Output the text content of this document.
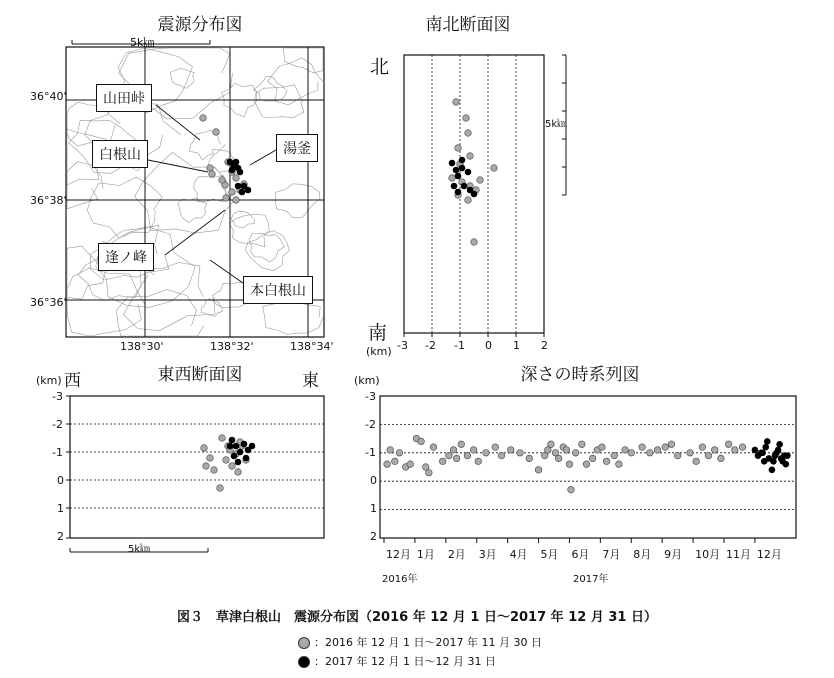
震源分布図	南北断面図
東西断面図	深さの時系列図
5k㎞
36°40'
36°38'
36°36'
138°30'	138°32'	138°34'
山田峠
白根山	湯釜
逢ノ峰
本白根山
北
南
(km)
5k㎞
-3 -2 -1 0 1 2
(km) 西	東
5k㎞
-3
-2
-1
0
1
2
(km)
-3
-2
-1
0
1
2
12月 1月 2月 3月 4月 5月 6月 7月 8月 9月 10月 11月 12月
2016年	2017年
図３　草津白根山　震源分布図（2016 年 12 月 1 日～2017 年 12 月 31 日）
：2016 年 12 月 1 日～2017 年 11 月 30 日
：2017 年 12 月 1 日～12 月 31 日
